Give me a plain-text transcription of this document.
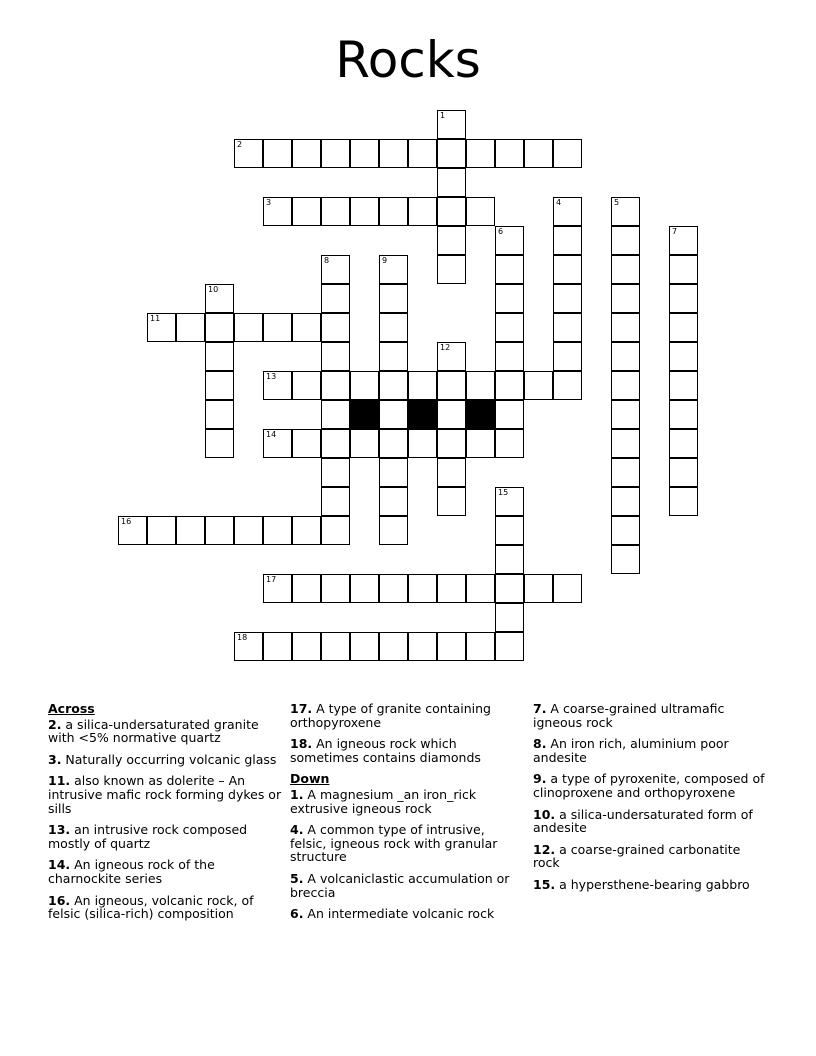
Rocks
1
2
3	4	5
6	7
8	9
10
11
12
13
14
15
16
17
18
Across
2. a silica-undersaturated granite with <5% normative quartz
3. Naturally occurring volcanic glass
11. also known as dolerite – An intrusive mafic rock forming dykes or sills
13. an intrusive rock composed mostly of quartz
14. An igneous rock of the charnockite series
16. An igneous, volcanic rock, of felsic (silica-rich) composition
17. A type of granite containing orthopyroxene
18. An igneous rock which sometimes contains diamonds
Down
1. A magnesium _an iron_rick extrusive igneous rock
4. A common type of intrusive, felsic, igneous rock with granular structure
5. A volcaniclastic accumulation or breccia
6. An intermediate volcanic rock
7. A coarse-grained ultramafic igneous rock
8. An iron rich, aluminium poor andesite
9. a type of pyroxenite, composed of clinoproxene and orthopyroxene
10. a silica-undersaturated form of andesite
12. a coarse-grained carbonatite rock
15. a hypersthene-bearing gabbro
